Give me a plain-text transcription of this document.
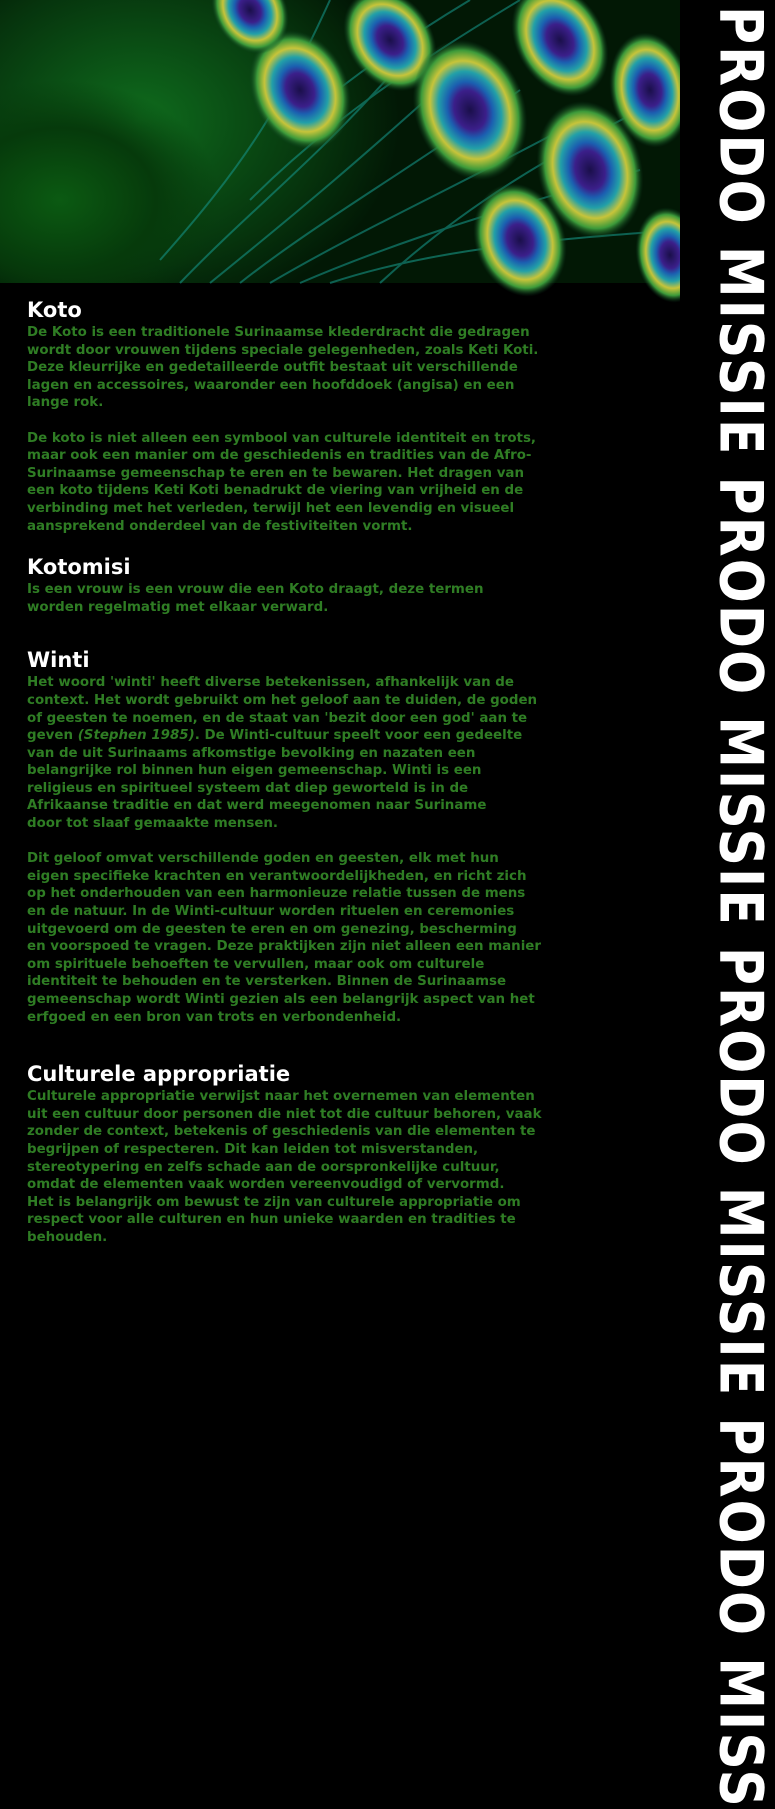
PRODO MISSIE PRODO MISSIE PRODO MISSIE PRODO MISS
Koto

De Koto is een traditionele Surinaamse klederdracht die gedragen
wordt door vrouwen tijdens speciale gelegenheden, zoals Keti Koti.
Deze kleurrijke en gedetailleerde outfit bestaat uit verschillende
lagen en accessoires, waaronder een hoofddoek (angisa) en een
lange rok.

De koto is niet alleen een symbool van culturele identiteit en trots,
maar ook een manier om de geschiedenis en tradities van de Afro-
Surinaamse gemeenschap te eren en te bewaren. Het dragen van
een koto tijdens Keti Koti benadrukt de viering van vrijheid en de
verbinding met het verleden, terwijl het een levendig en visueel
aansprekend onderdeel van de festiviteiten vormt.

Kotomisi

Is een vrouw is een vrouw die een Koto draagt, deze termen
worden regelmatig met elkaar verward.

Winti

Het woord 'winti' heeft diverse betekenissen, afhankelijk van de
context. Het wordt gebruikt om het geloof aan te duiden, de goden
of geesten te noemen, en de staat van 'bezit door een god' aan te
geven (Stephen 1985). De Winti-cultuur speelt voor een gedeelte
van de uit Surinaams afkomstige bevolking en nazaten een
belangrijke rol binnen hun eigen gemeenschap. Winti is een
religieus en spiritueel systeem dat diep geworteld is in de
Afrikaanse traditie en dat werd meegenomen naar Suriname
door tot slaaf gemaakte mensen.

Dit geloof omvat verschillende goden en geesten, elk met hun
eigen specifieke krachten en verantwoordelijkheden, en richt zich
op het onderhouden van een harmonieuze relatie tussen de mens
en de natuur. In de Winti-cultuur worden rituelen en ceremonies
uitgevoerd om de geesten te eren en om genezing, bescherming
en voorspoed te vragen. Deze praktijken zijn niet alleen een manier
om spirituele behoeften te vervullen, maar ook om culturele
identiteit te behouden en te versterken. Binnen de Surinaamse
gemeenschap wordt Winti gezien als een belangrijk aspect van het
erfgoed en een bron van trots en verbondenheid.

Culturele appropriatie

Culturele appropriatie verwijst naar het overnemen van elementen
uit een cultuur door personen die niet tot die cultuur behoren, vaak
zonder de context, betekenis of geschiedenis van die elementen te
begrijpen of respecteren. Dit kan leiden tot misverstanden,
stereotypering en zelfs schade aan de oorspronkelijke cultuur,
omdat de elementen vaak worden vereenvoudigd of vervormd.
Het is belangrijk om bewust te zijn van culturele appropriatie om
respect voor alle culturen en hun unieke waarden en tradities te
behouden.
